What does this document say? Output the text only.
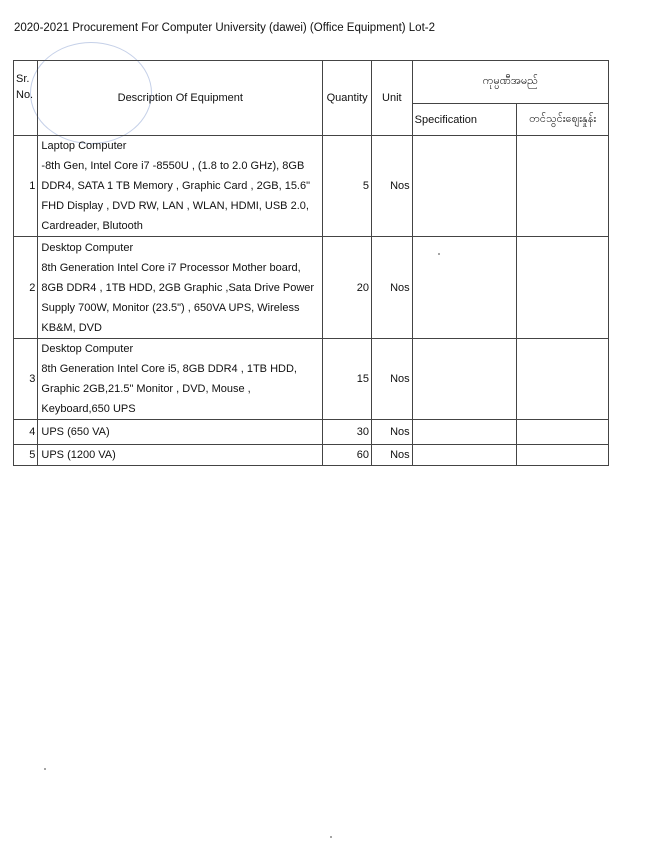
2020-2021 Procurement For Computer University (dawei) (Office Equipment) Lot-2
Sr.
No.	Description Of Equipment	Quantity	Unit	ကုမ္ပဏီအမည်	
				Specification	တင်သွင်းဈေးနှုန်း
1	Laptop Computer
-8th Gen, Intel Core i7 -8550U , (1.8 to 2.0 GHz), 8GB
DDR4, SATA 1 TB Memory , Graphic Card , 2GB, 15.6"
FHD Display , DVD RW, LAN , WLAN, HDMI, USB 2.0,
Cardreader, Blutooth	5	Nos		
2	Desktop Computer
8th Generation Intel Core i7 Processor Mother board,
8GB DDR4 , 1TB HDD, 2GB Graphic ,Sata Drive Power
Supply 700W, Monitor (23.5") , 650VA UPS, Wireless
KB&M, DVD	20	Nos		
3	Desktop Computer
8th Generation Intel Core i5, 8GB DDR4 , 1TB HDD,
Graphic 2GB,21.5" Monitor , DVD, Mouse ,
Keyboard,650 UPS	15	Nos		
4	UPS (650 VA)	30	Nos		
5	UPS (1200 VA)	60	Nos		
